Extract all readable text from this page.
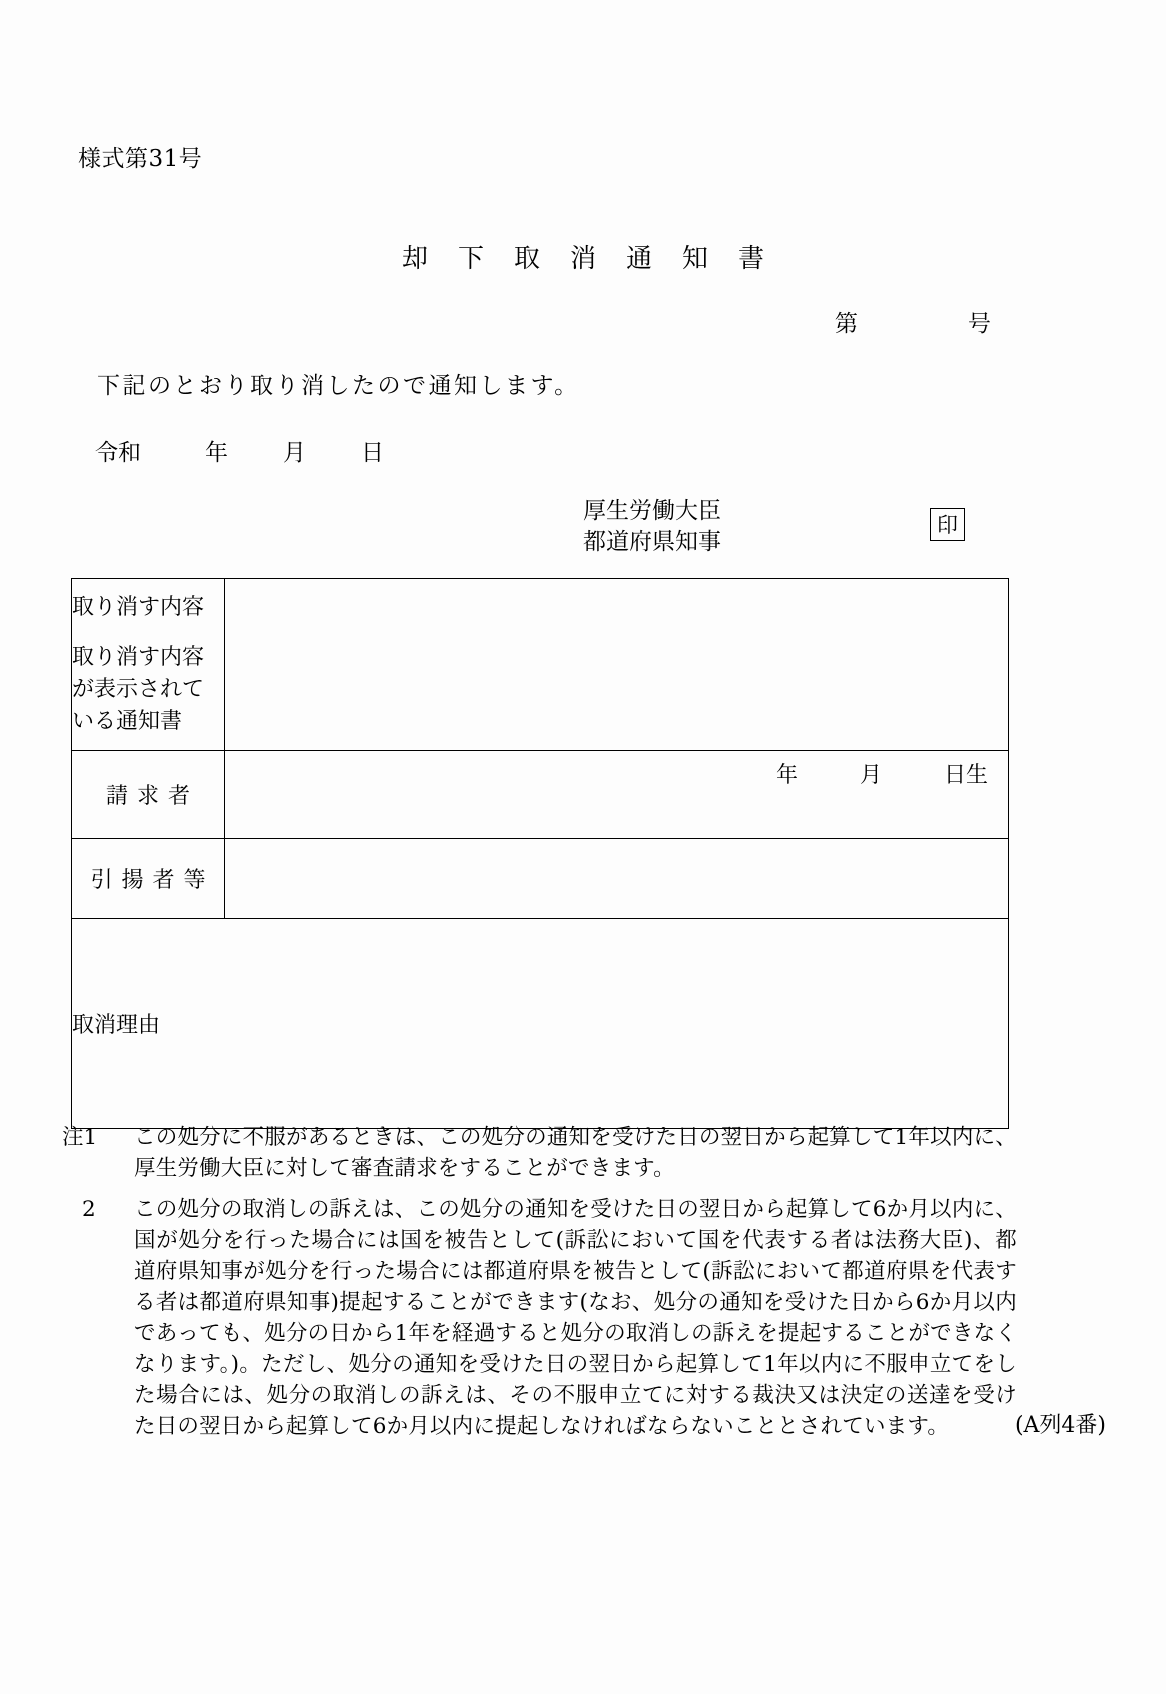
様式第31号
却下取消通知書
第	号
下記のとおり取り消したので通知します。
令和	年 月 日
厚生労働大臣
都道府県知事
印
取り消す内容
取り消す内容
が表示されて
いる通知書	

請求者	年 月 日生

引揚者等	
取消理由	
注1	この処分に不服があるときは、この処分の通知を受けた日の翌日から起算して1年以内に、厚生労働大臣に対して審査請求をすることができます。
2	この処分の取消しの訴えは、この処分の通知を受けた日の翌日から起算して6か月以内に、国が処分を行った場合には国を被告として(訴訟において国を代表する者は法務大臣)、都道府県知事が処分を行った場合には都道府県を被告として(訴訟において都道府県を代表する者は都道府県知事)提起することができます(なお、処分の通知を受けた日から6か月以内であっても、処分の日から1年を経過すると処分の取消しの訴えを提起することができなくなります。)。ただし、処分の通知を受けた日の翌日から起算して1年以内に不服申立てをした場合には、処分の取消しの訴えは、その不服申立てに対する裁決又は決定の送達を受けた日の翌日から起算して6か月以内に提起しなければならないこととされています。	(A列4番)
